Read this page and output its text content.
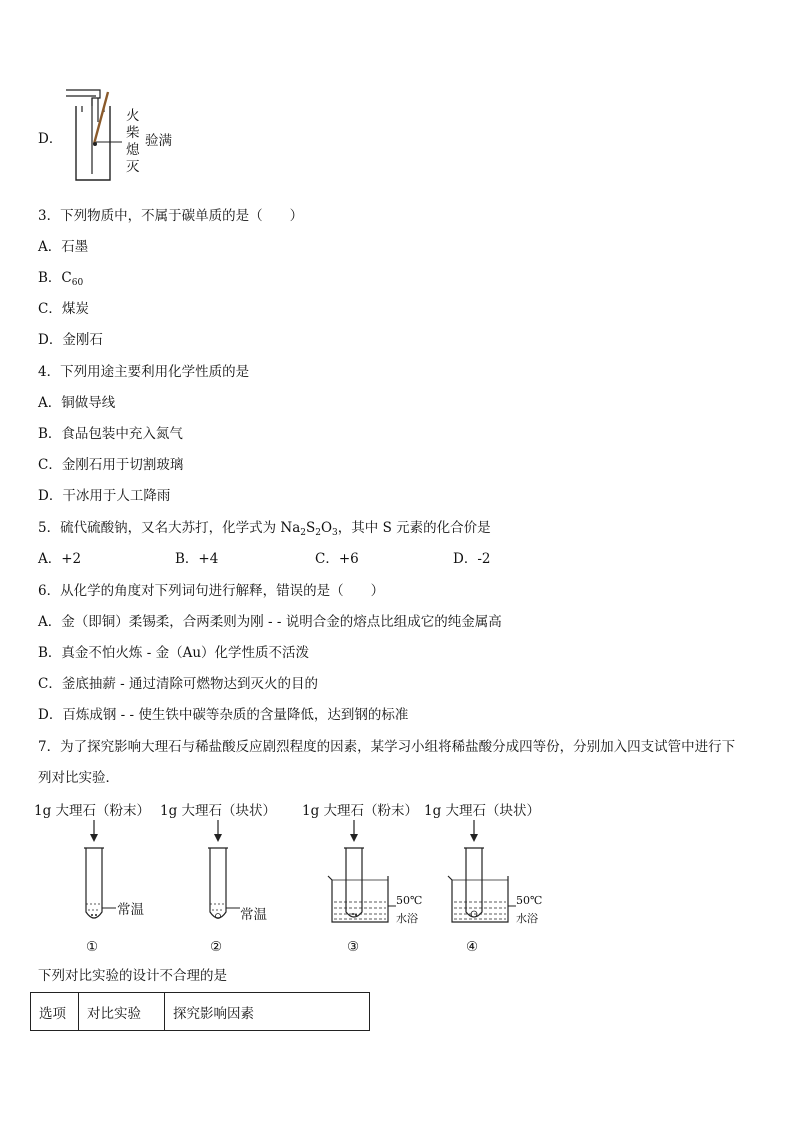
D．
火
柴
熄
灭
验满
3．下列物质中，不属于碳单质的是（　　）
A．石墨
B．$C_{60}$
C．煤炭
D．金刚石
4．下列用途主要利用化学性质的是
A．铜做导线
B．食品包装中充入氮气
C．金刚石用于切割玻璃
D．干冰用于人工降雨
5．硫代硫酸钠，又名大苏打，化学式为 $Na_2S_2O_3$，其中 S 元素的化合价是
A．+2	B．+4	C．+6	D．-2
6．从化学的角度对下列词句进行解释，错误的是（　　）
A．金（即铜）柔锡柔，合两柔则为刚 - - 说明合金的熔点比组成它的纯金属高
B．真金不怕火炼 - 金（Au）化学性质不活泼
C．釜底抽薪 - 通过清除可燃物达到灭火的目的
D．百炼成钢 - - 使生铁中碳等杂质的含量降低，达到钢的标准
7．为了探究影响大理石与稀盐酸反应剧烈程度的因素，某学习小组将稀盐酸分成四等份，分别加入四支试管中进行下
列对比实验．
1g 大理石（粉末） 1g 大理石（块状） 1g 大理石（粉末） 1g 大理石（块状）
常温
①
常温
②
50℃
水浴
③
50℃
水浴
④
下列对比实验的设计不合理的是
选项	对比实验	探究影响因素
